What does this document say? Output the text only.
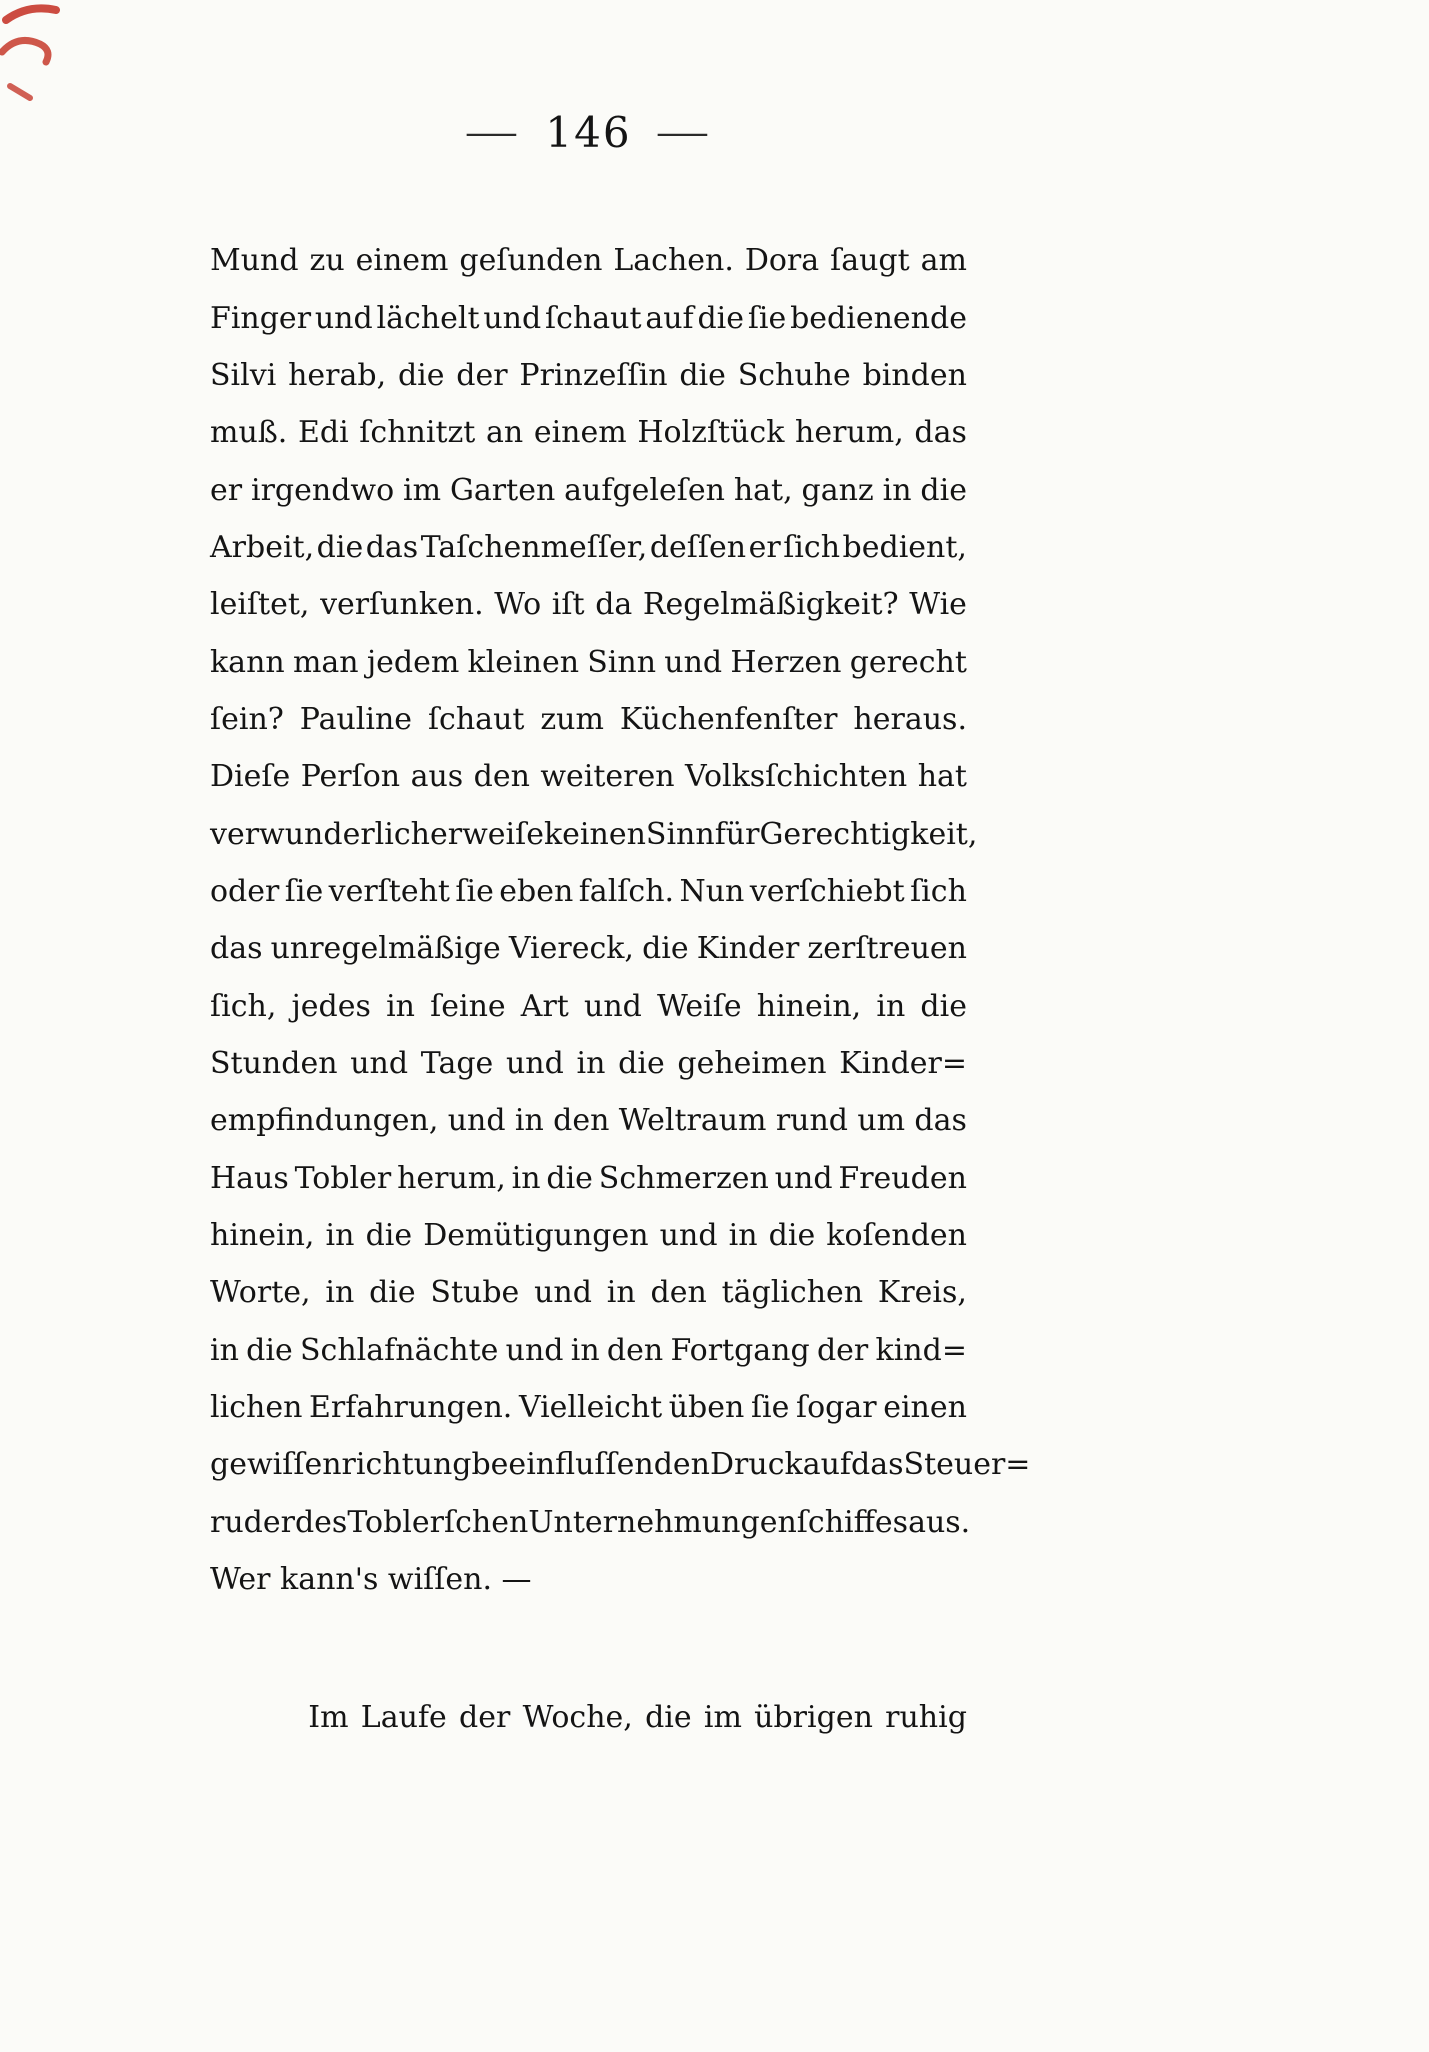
— 146 —
Mund zu einem geſunden Lachen. Dora ſaugt am
Finger und lächelt und ſchaut auf die ſie bedienende
Silvi herab, die der Prinzeſſin die Schuhe binden
muß. Edi ſchnitzt an einem Holzſtück herum, das
er irgendwo im Garten aufgeleſen hat, ganz in die
Arbeit, die das Taſchenmeſſer, deſſen er ſich bedient,
leiſtet, verſunken. Wo iſt da Regelmäßigkeit? Wie
kann man jedem kleinen Sinn und Herzen gerecht
ſein? Pauline ſchaut zum Küchenfenſter heraus.
Dieſe Perſon aus den weiteren Volksſchichten hat
verwunderlicherweiſe keinen Sinn für Gerechtigkeit,
oder ſie verſteht ſie eben falſch. Nun verſchiebt ſich
das unregelmäßige Viereck, die Kinder zerſtreuen
ſich, jedes in ſeine Art und Weiſe hinein, in die
Stunden und Tage und in die geheimen Kinder=
empfindungen, und in den Weltraum rund um das
Haus Tobler herum, in die Schmerzen und Freuden
hinein, in die Demütigungen und in die koſenden
Worte, in die Stube und in den täglichen Kreis,
in die Schlafnächte und in den Fortgang der kind=
lichen Erfahrungen. Vielleicht üben ſie ſogar einen
gewiſſen richtungbeeinfluſſenden Druck auf das Steuer=
ruder des Toblerſchen Unternehmungenſchiffes aus.
Wer kann's wiſſen. —
Im Laufe der Woche, die im übrigen ruhig
